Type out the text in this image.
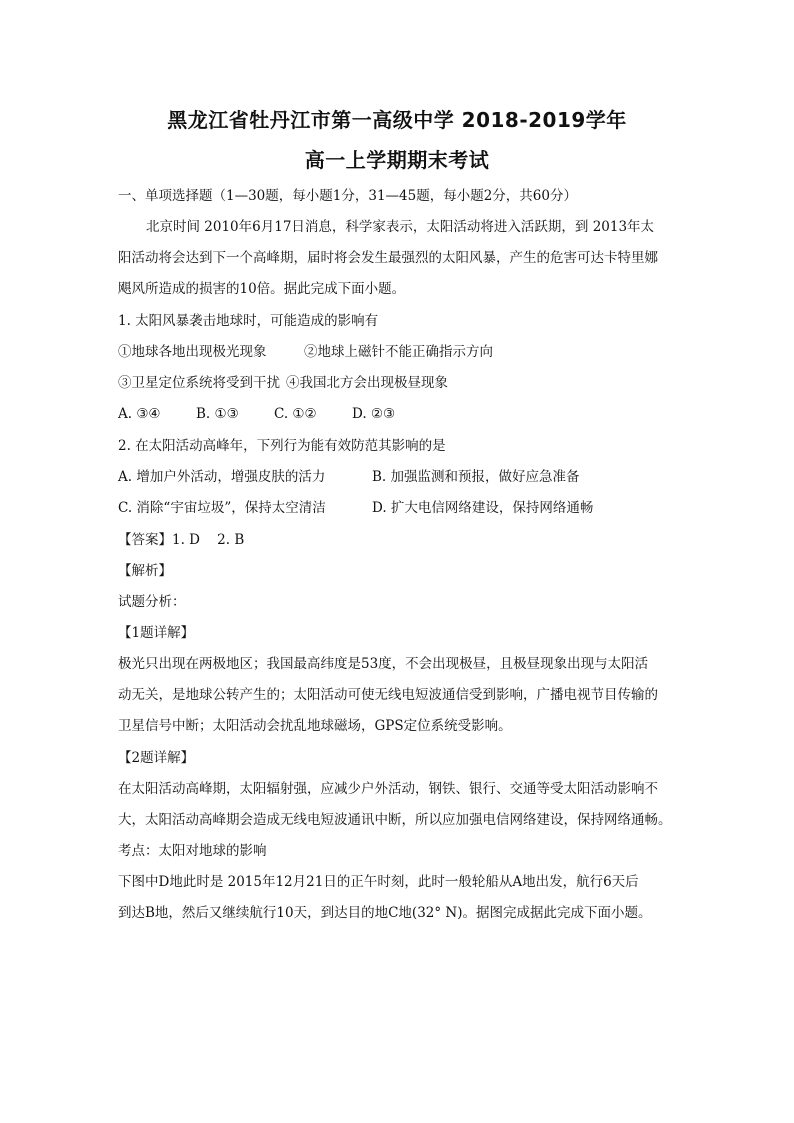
黑龙江省牡丹江市第一高级中学 2018-2019学年
高一上学期期末考试
一、单项选择题（1—30题，每小题1分，31—45题，每小题2分，共60分）
北京时间 2010年6月17日消息，科学家表示，太阳活动将进入活跃期，到 2013年太
阳活动将会达到下一个高峰期，届时将会发生最强烈的太阳风暴，产生的危害可达卡特里娜
飓风所造成的损害的10倍。据此完成下面小题。
1. 太阳风暴袭击地球时，可能造成的影响有
①地球各地出现极光现象	②地球上磁针不能正确指示方向
③卫星定位系统将受到干扰 ④我国北方会出现极昼现象
A. ③④	B. ①③	C. ①②	D. ②③
2. 在太阳活动高峰年，下列行为能有效防范其影响的是
A. 增加户外活动，增强皮肤的活力	B. 加强监测和预报，做好应急准备
C. 消除“宇宙垃圾”，保持太空清洁	D. 扩大电信网络建设，保持网络通畅
【答案】1. D    2. B
【解析】
试题分析：
【1题详解】
极光只出现在两极地区；我国最高纬度是53度，不会出现极昼，且极昼现象出现与太阳活
动无关，是地球公转产生的；太阳活动可使无线电短波通信受到影响，广播电视节目传输的
卫星信号中断；太阳活动会扰乱地球磁场，GPS定位系统受影响。
【2题详解】
在太阳活动高峰期，太阳辐射强，应减少户外活动，钢铁、银行、交通等受太阳活动影响不
大，太阳活动高峰期会造成无线电短波通讯中断，所以应加强电信网络建设，保持网络通畅。
考点：太阳对地球的影响
下图中D地此时是 2015年12月21日的正午时刻，此时一般轮船从A地出发，航行6天后
到达B地，然后又继续航行10天，到达目的地C地(32° N)。据图完成据此完成下面小题。
